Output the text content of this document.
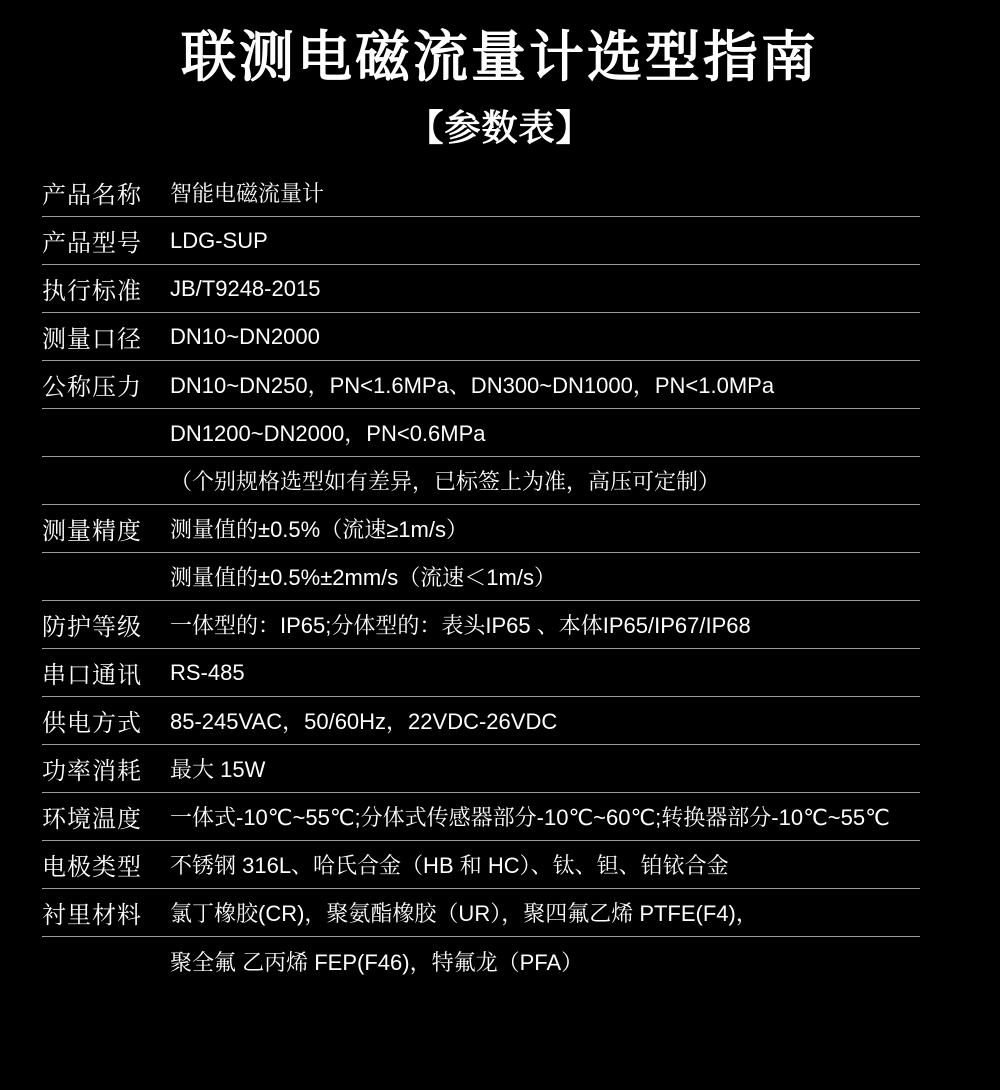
联测电磁流量计选型指南
【参数表】
产品名称	智能电磁流量计
产品型号	LDG-SUP
执行标准	JB/T9248-2015
测量口径	DN10~DN2000
公称压力	DN10~DN250，PN<1.6MPa、DN300~DN1000，PN<1.0MPa
DN1200~DN2000，PN<0.6MPa
（个别规格选型如有差异，已标签上为准，高压可定制）
测量精度	测量值的±0.5%（流速≥1m/s）
测量值的±0.5%±2mm/s（流速＜1m/s）
防护等级	一体型的：IP65;分体型的：表头IP65 、本体IP65/IP67/IP68
串口通讯	RS-485
供电方式	85-245VAC，50/60Hz，22VDC-26VDC
功率消耗	最大 15W
环境温度	一体式-10℃~55℃;分体式传感器部分-10℃~60℃;转换器部分-10℃~55℃
电极类型	不锈钢 316L、哈氏合金（HB 和 HC）、钛、钽、铂铱合金
衬里材料	氯丁橡胶(CR)，聚氨酯橡胶（UR），聚四氟乙烯 PTFE(F4)，
聚全氟 乙丙烯 FEP(F46)，特氟龙（PFA）
